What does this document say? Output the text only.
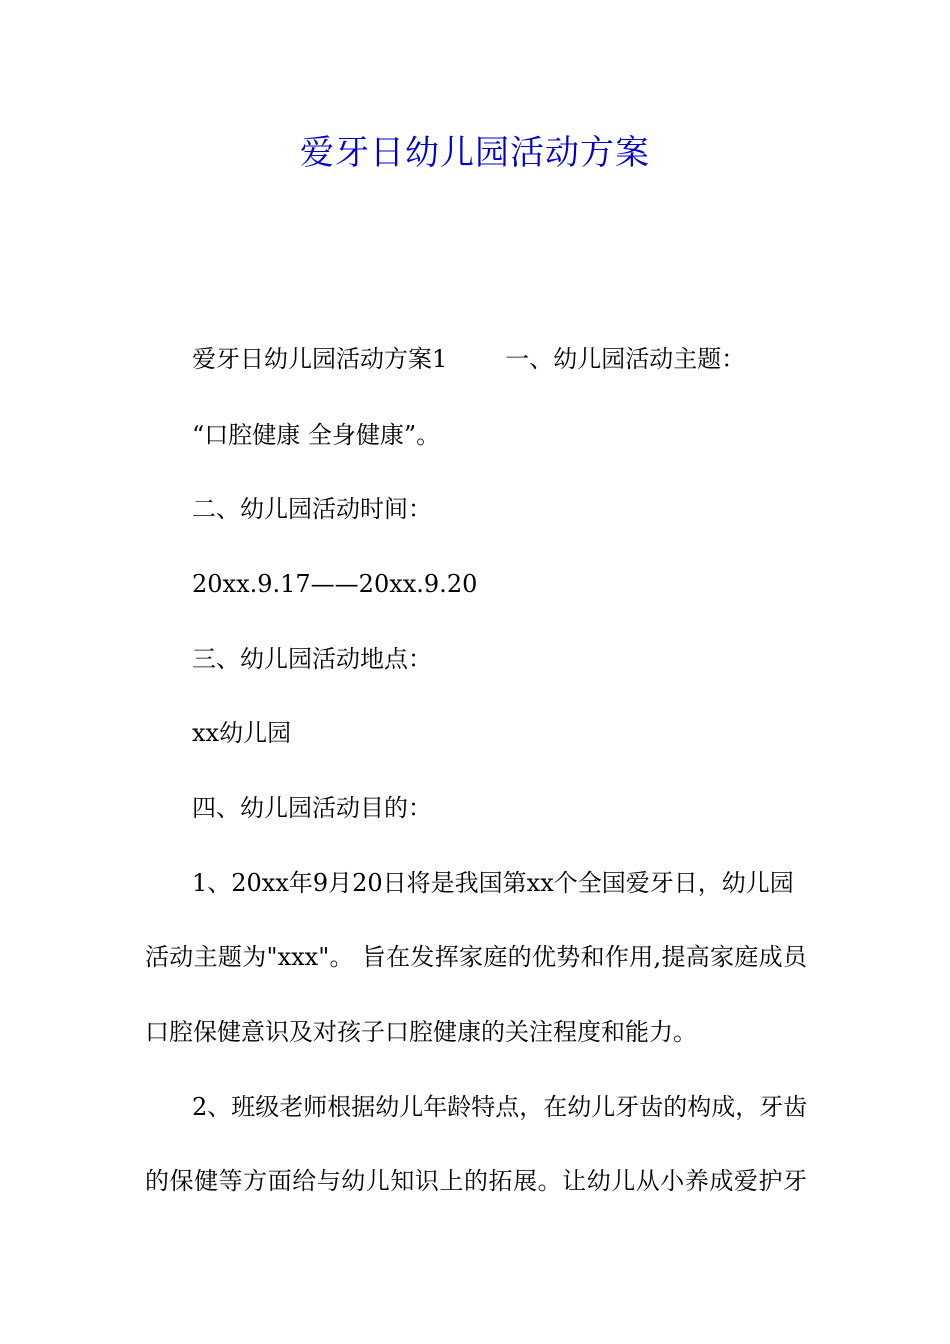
爱牙日幼儿园活动方案

爱牙日幼儿园活动方案1 一、幼儿园活动主题：

“口腔健康 全身健康”。

二、幼儿园活动时间：

20xx.9.17——20xx.9.20

三、幼儿园活动地点：

xx幼儿园

四、幼儿园活动目的：

1、20xx年9月20日将是我国第xx个全国爱牙日，幼儿园

活动主题为"xxx"。 旨在发挥家庭的优势和作用,提高家庭成员

口腔保健意识及对孩子口腔健康的关注程度和能力。

2、班级老师根据幼儿年龄特点，在幼儿牙齿的构成，牙齿

的保健等方面给与幼儿知识上的拓展。让幼儿从小养成爱护牙
